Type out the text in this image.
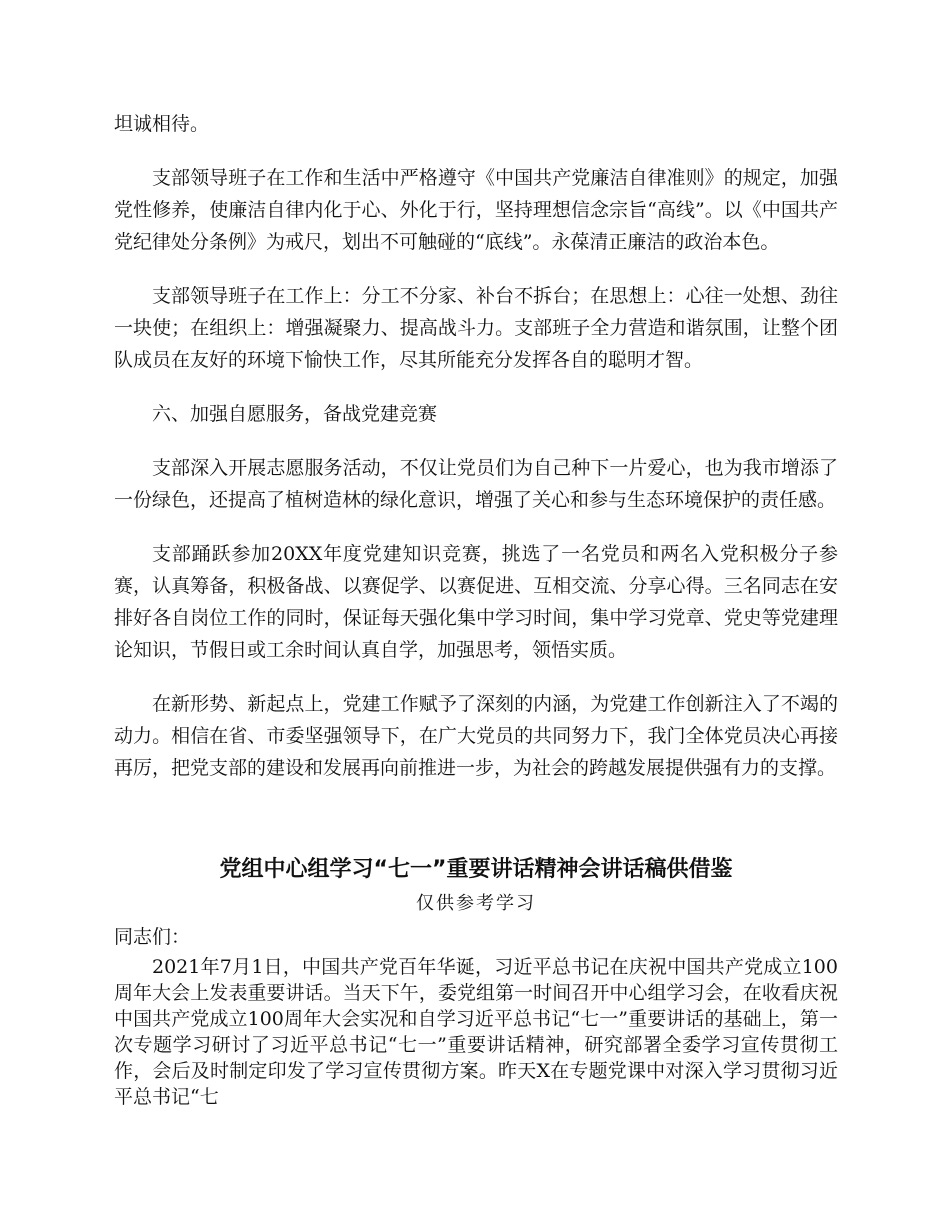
坦诚相待。

支部领导班子在工作和生活中严格遵守《中国共产党廉洁自律准则》的规定，加强党性修养，使廉洁自律内化于心、外化于行，坚持理想信念宗旨“高线”。以《中国共产党纪律处分条例》为戒尺，划出不可触碰的“底线”。永葆清正廉洁的政治本色。

支部领导班子在工作上：分工不分家、补台不拆台；在思想上：心往一处想、劲往一块使；在组织上：增强凝聚力、提高战斗力。支部班子全力营造和谐氛围，让整个团队成员在友好的环境下愉快工作，尽其所能充分发挥各自的聪明才智。

六、加强自愿服务，备战党建竞赛

支部深入开展志愿服务活动，不仅让党员们为自己种下一片爱心，也为我市增添了一份绿色，还提高了植树造林的绿化意识，增强了关心和参与生态环境保护的责任感。

支部踊跃参加20XX年度党建知识竞赛，挑选了一名党员和两名入党积极分子参赛，认真筹备，积极备战、以赛促学、以赛促进、互相交流、分享心得。三名同志在安排好各自岗位工作的同时，保证每天强化集中学习时间，集中学习党章、党史等党建理论知识，节假日或工余时间认真自学，加强思考，领悟实质。

在新形势、新起点上，党建工作赋予了深刻的内涵，为党建工作创新注入了不竭的动力。相信在省、市委坚强领导下，在广大党员的共同努力下，我门全体党员决心再接再厉，把党支部的建设和发展再向前推进一步，为社会的跨越发展提供强有力的支撑。

党组中心组学习“七一”重要讲话精神会讲话稿供借鉴
仅供参考学习
同志们：

2021年7月1日，中国共产党百年华诞，习近平总书记在庆祝中国共产党成立100周年大会上发表重要讲话。当天下午，委党组第一时间召开中心组学习会，在收看庆祝中国共产党成立100周年大会实况和自学习近平总书记“七一”重要讲话的基础上，第一次专题学习研讨了习近平总书记“七一”重要讲话精神，研究部署全委学习宣传贯彻工作，会后及时制定印发了学习宣传贯彻方案。昨天X在专题党课中对深入学习贯彻习近平总书记“七
